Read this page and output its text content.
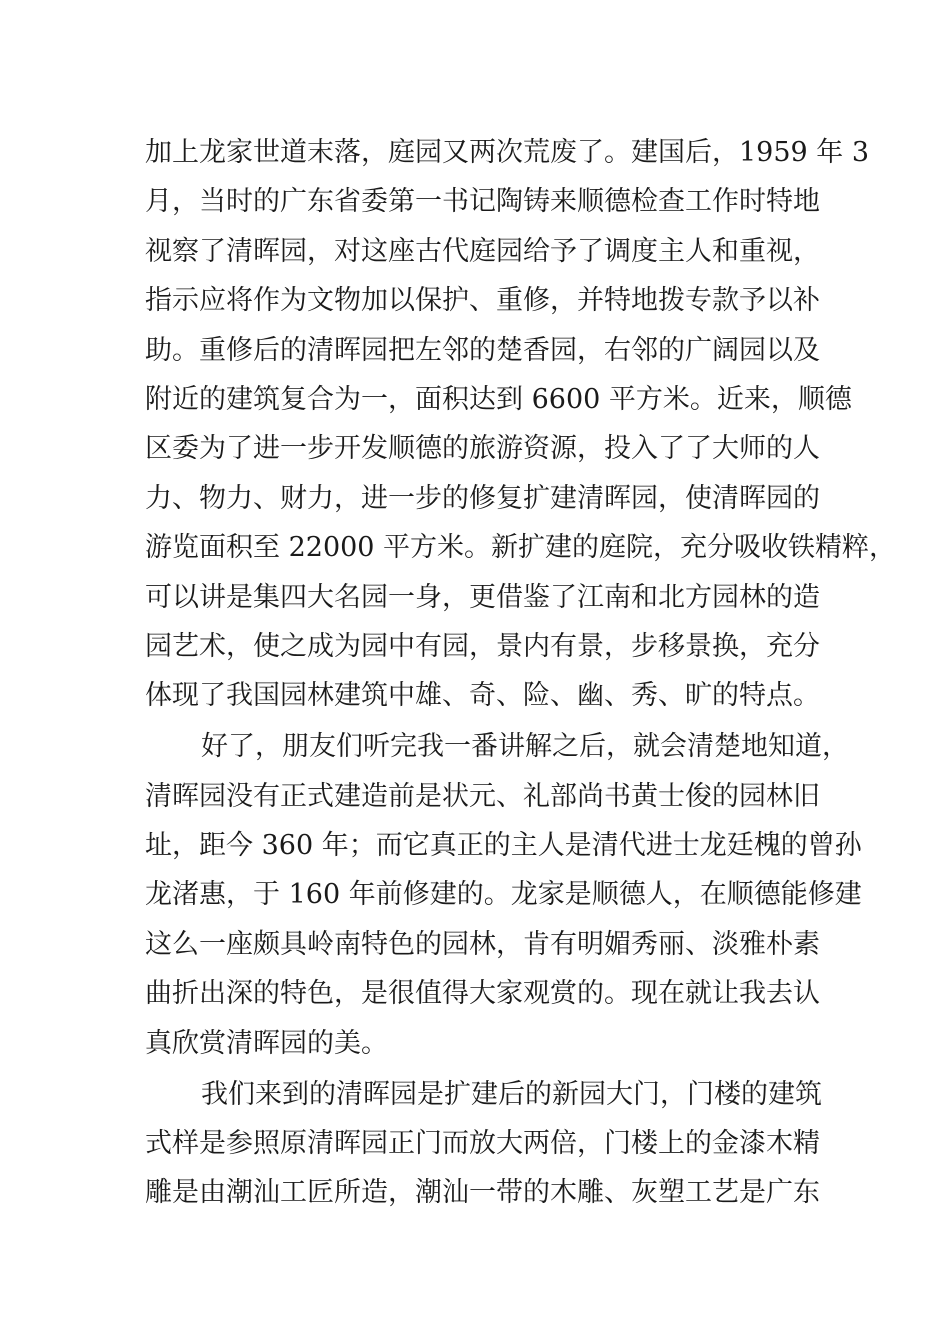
加上龙家世道末落，庭园又两次荒废了。建国后，1959 年 3
月，当时的广东省委第一书记陶铸来顺德检查工作时特地
视察了清晖园，对这座古代庭园给予了调度主人和重视，
指示应将作为文物加以保护、重修，并特地拨专款予以补
助。重修后的清晖园把左邻的楚香园，右邻的广阔园以及
附近的建筑复合为一，面积达到 6600 平方米。近来，顺德
区委为了进一步开发顺德的旅游资源，投入了了大师的人
力、物力、财力，进一步的修复扩建清晖园，使清晖园的
游览面积至 22000 平方米。新扩建的庭院，充分吸收铁精粹，
可以讲是集四大名园一身，更借鉴了江南和北方园林的造
园艺术，使之成为园中有园，景内有景，步移景换，充分
体现了我国园林建筑中雄、奇、险、幽、秀、旷的特点。
好了，朋友们听完我一番讲解之后，就会清楚地知道，
清晖园没有正式建造前是状元、礼部尚书黄士俊的园林旧
址，距今 360 年；而它真正的主人是清代进士龙廷槐的曾孙
龙渚惠，于 160 年前修建的。龙家是顺德人，在顺德能修建
这么一座颇具岭南特色的园林，肯有明媚秀丽、淡雅朴素
曲折出深的特色，是很值得大家观赏的。现在就让我去认
真欣赏清晖园的美。
我们来到的清晖园是扩建后的新园大门，门楼的建筑
式样是参照原清晖园正门而放大两倍，门楼上的金漆木精
雕是由潮汕工匠所造，潮汕一带的木雕、灰塑工艺是广东
